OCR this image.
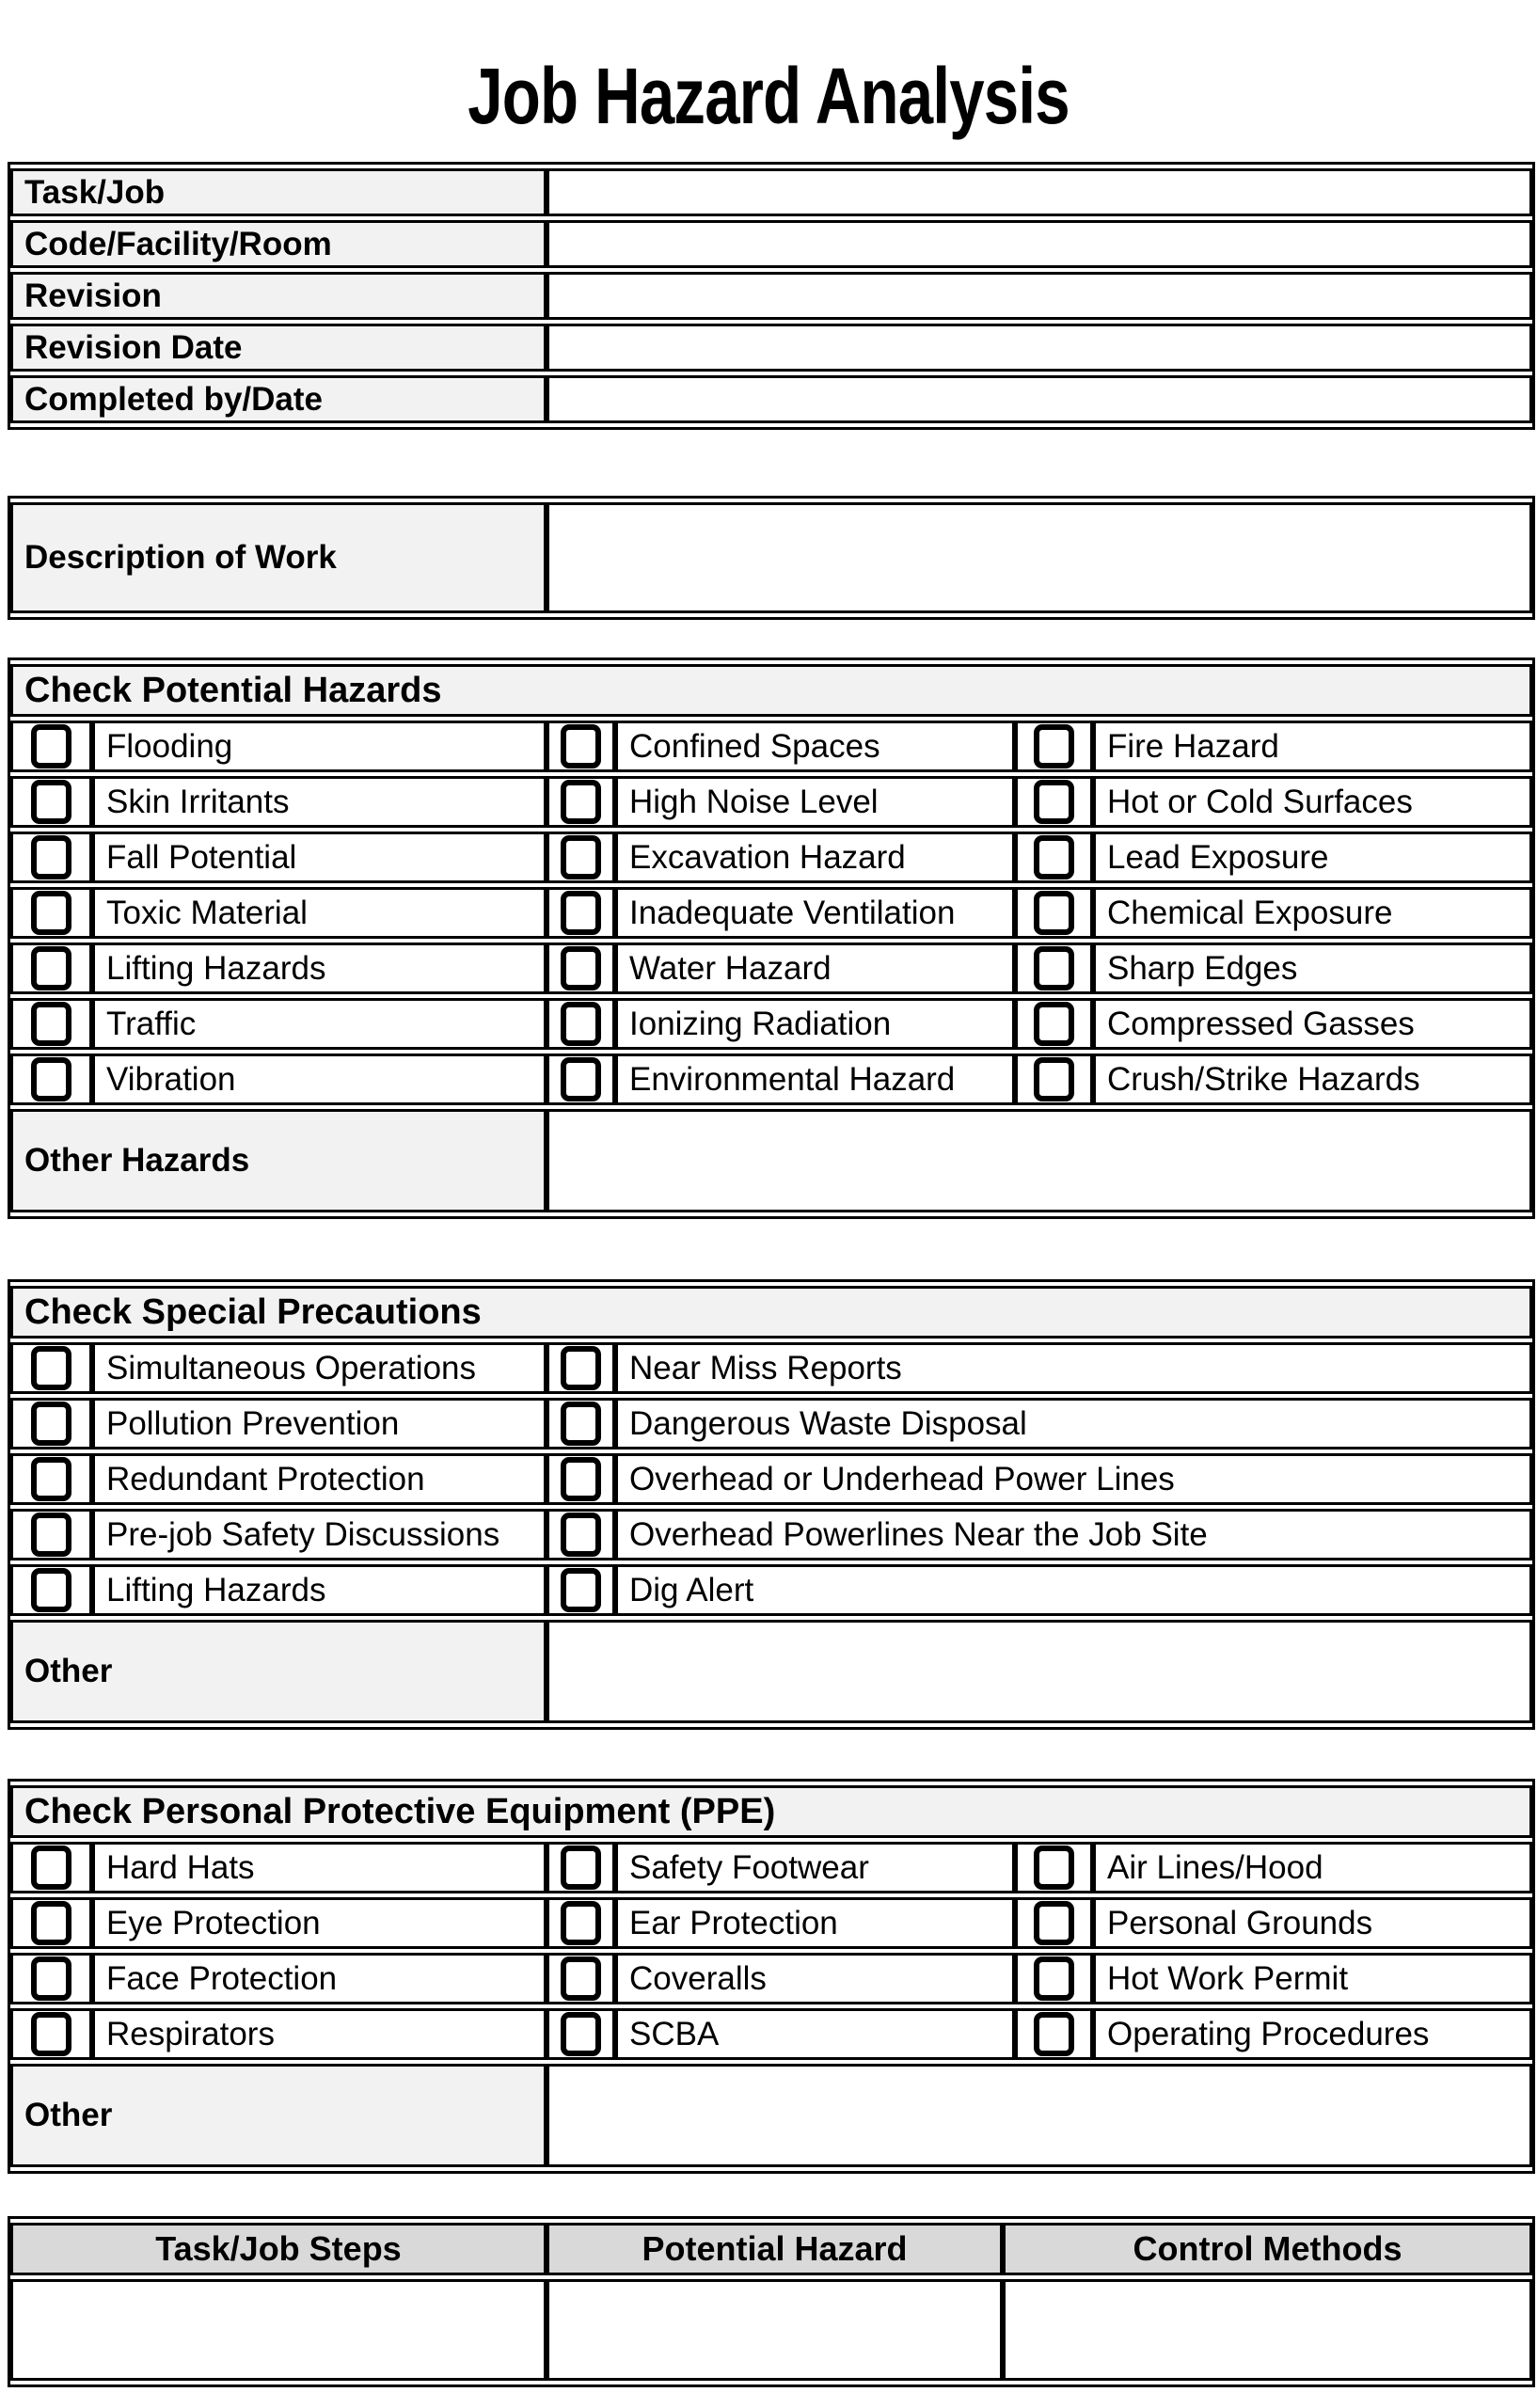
Job Hazard Analysis
Task/Job	
Code/Facility/Room	
Revision	
Revision Date	
Completed by/Date	
Description of Work	
Check Potential Hazards					
	Flooding		Confined Spaces		Fire Hazard
	Skin Irritants		High Noise Level		Hot or Cold Surfaces
	Fall Potential		Excavation Hazard		Lead Exposure
	Toxic Material		Inadequate Ventilation		Chemical Exposure
	Lifting Hazards		Water Hazard		Sharp Edges
	Traffic		Ionizing Radiation		Compressed Gasses
	Vibration		Environmental Hazard		Crush/Strike Hazards
Other Hazards					
Check Special Precautions			
	Simultaneous Operations		Near Miss Reports
	Pollution Prevention		Dangerous Waste Disposal
	Redundant Protection		Overhead or Underhead Power Lines
	Pre-job Safety Discussions		Overhead Powerlines Near the Job Site
	Lifting Hazards		Dig Alert
Other			
Check Personal Protective Equipment (PPE)					
	Hard Hats		Safety Footwear		Air Lines/Hood
	Eye Protection		Ear Protection		Personal Grounds
	Face Protection		Coveralls		Hot Work Permit
	Respirators		SCBA		Operating Procedures
Other					
Task/Job Steps	Potential Hazard	Control Methods
